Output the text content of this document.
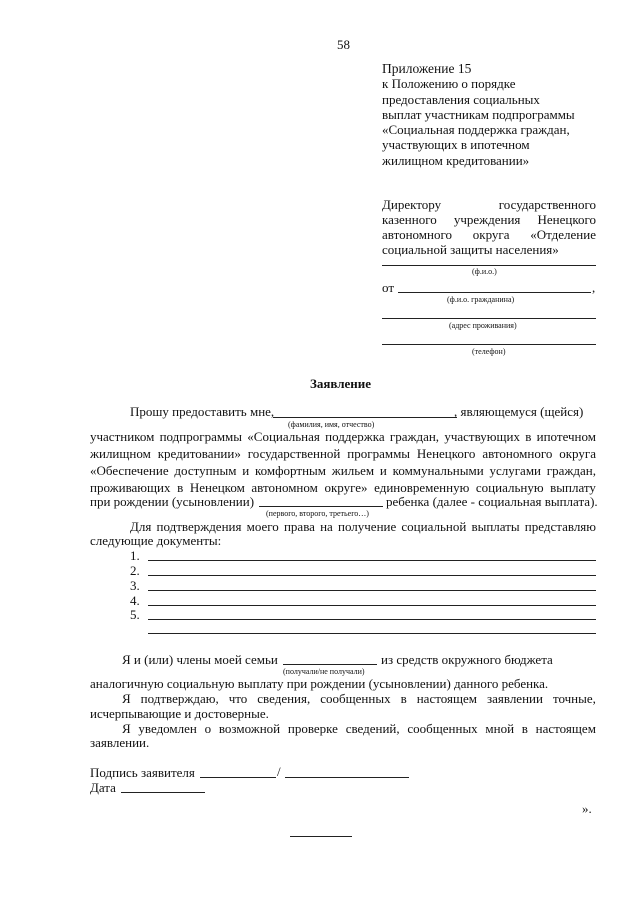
58
Приложение 15
к Положению о порядке
предоставления социальных
выплат участникам подпрограммы
«Социальная поддержка граждан,
участвующих в ипотечном
жилищном кредитовании»
Директору	государственного
казенного учреждения Ненецкого
автономного округа «Отделение
социальной защиты населения»
(ф.и.о.)
от	,
(ф.и.о. гражданина)
(адрес проживания)
(телефон)
Заявление
Прошу предоставить мне,	, являющемуся (щейся)
(фамилия, имя, отчество)
участником подпрограммы «Социальная поддержка граждан, участвующих в ипотечном
жилищном кредитовании» государственной программы Ненецкого автономного округа
«Обеспечение доступным и комфортным жильем и коммунальными услугами граждан,
проживающих в Ненецком автономном округе» единовременную социальную выплату
при рождении (усыновлении)	ребенка (далее - социальная выплата).
(первого, второго, третьего…)
Для подтверждения моего права на получение социальной выплаты представляю
следующие документы:
1.
2.
3.
4.
5.
Я и (или) члены моей семьи	из средств окружного бюджета
(получали/не получали)
аналогичную социальную выплату при рождении (усыновлении) данного ребенка.
Я подтверждаю, что сведения, сообщенных в настоящем заявлении точные,
исчерпывающие и достоверные.
Я уведомлен о возможной проверке сведений, сообщенных мной в настоящем
заявлении.
Подпись заявителя	/
Дата
».
